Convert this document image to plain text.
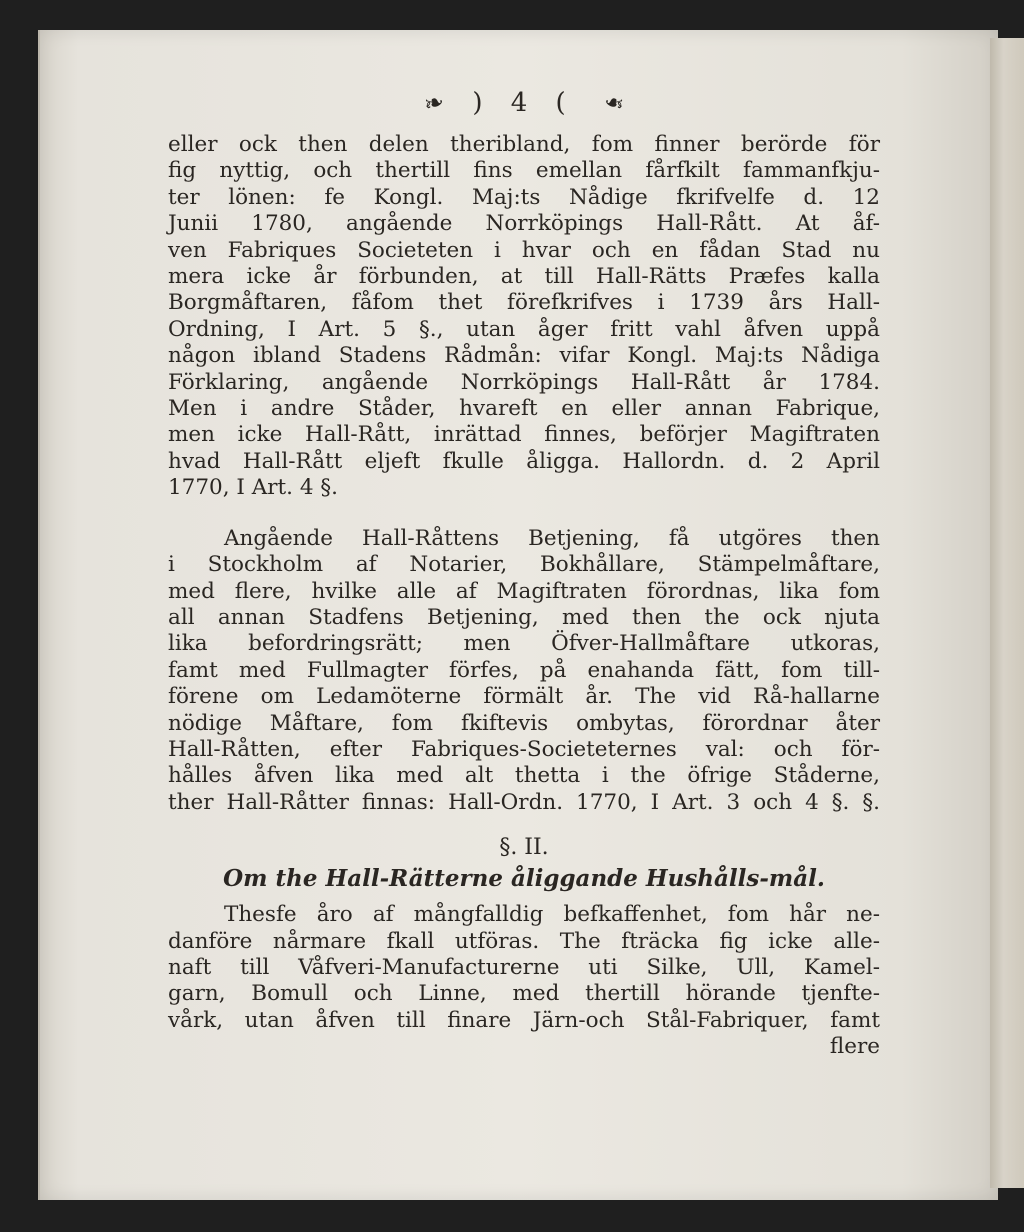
❧ ) 4 ( ❧
eller ock then delen theribland, fom finner berörde för
fig nyttig, och thertill fins emellan fårfkilt fammanfkju-
ter lönen: fe Kongl. Maj:ts Nådige fkrifvelfe d. 12
Junii 1780, angående Norrköpings Hall-Rått. At åf-
ven Fabriques Societeten i hvar och en fådan Stad nu
mera icke år förbunden, at till Hall-Rätts Præfes kalla
Borgmåftaren, fåfom thet förefkrifves i 1739 års Hall-
Ordning, I Art. 5 §., utan åger fritt vahl åfven uppå
någon ibland Stadens Rådmån: vifar Kongl. Maj:ts Nådiga
Förklaring, angående Norrköpings Hall-Rått år 1784.
Men i andre Ståder, hvareft en eller annan Fabrique,
men icke Hall-Rått, inrättad finnes, beförjer Magiftraten
hvad Hall-Rått eljeft fkulle åligga. Hallordn. d. 2 April
1770, I Art. 4 §.
Angående Hall-Råttens Betjening, få utgöres then
i Stockholm af Notarier, Bokhållare, Stämpelmåftare,
med flere, hvilke alle af Magiftraten förordnas, lika fom
all annan Stadfens Betjening, med then the ock njuta
lika befordringsrätt; men Öfver-Hallmåftare utkoras,
famt med Fullmagter förfes, på enahanda fätt, fom till-
förene om Ledamöterne förmält år. The vid Rå-hallarne
nödige Måftare, fom fkiftevis ombytas, förordnar åter
Hall-Råtten, efter Fabriques-Societeternes val: och för-
hålles åfven lika med alt thetta i the öfrige Ståderne,
ther Hall-Råtter finnas: Hall-Ordn. 1770, I Art. 3 och 4 §. §.
§. II.
Om the Hall-Rätterne åliggande Hushålls-mål.
Thesfe åro af mångfalldig befkaffenhet, fom hår ne-
danföre nårmare fkall utföras. The fträcka fig icke alle-
naft till Våfveri-Manufacturerne uti Silke, Ull, Kamel-
garn, Bomull och Linne, med thertill hörande tjenfte-
vårk, utan åfven till finare Järn-och Stål-Fabriquer, famt
flere
